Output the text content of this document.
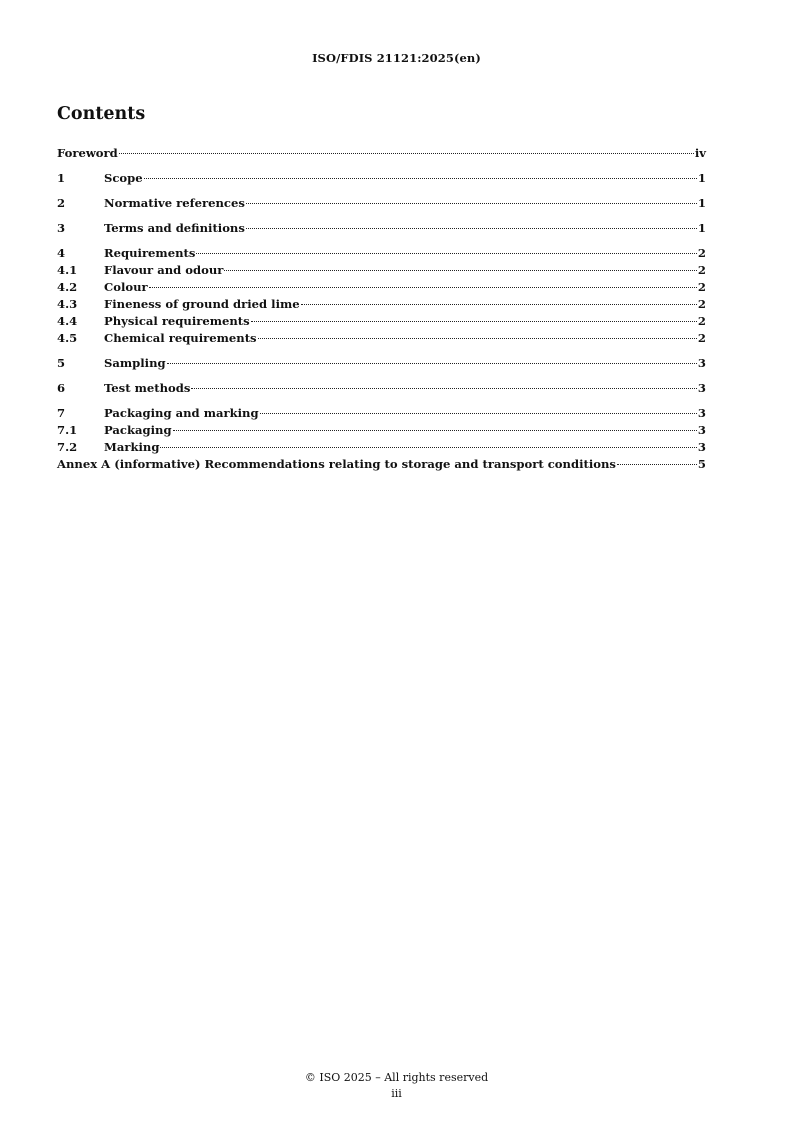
ISO/FDIS 21121:2025(en)
Contents
Foreword	iv
1	Scope	1
2	Normative references	1
3	Terms and definitions	1
4	Requirements	2
4.1	Flavour and odour	2
4.2	Colour	2
4.3	Fineness of ground dried lime	2
4.4	Physical requirements	2
4.5	Chemical requirements	2
5	Sampling	3
6	Test methods	3
7	Packaging and marking	3
7.1	Packaging	3
7.2	Marking	3
Annex A (informative) Recommendations relating to storage and transport conditions	5
© ISO 2025 – All rights reserved
iii
